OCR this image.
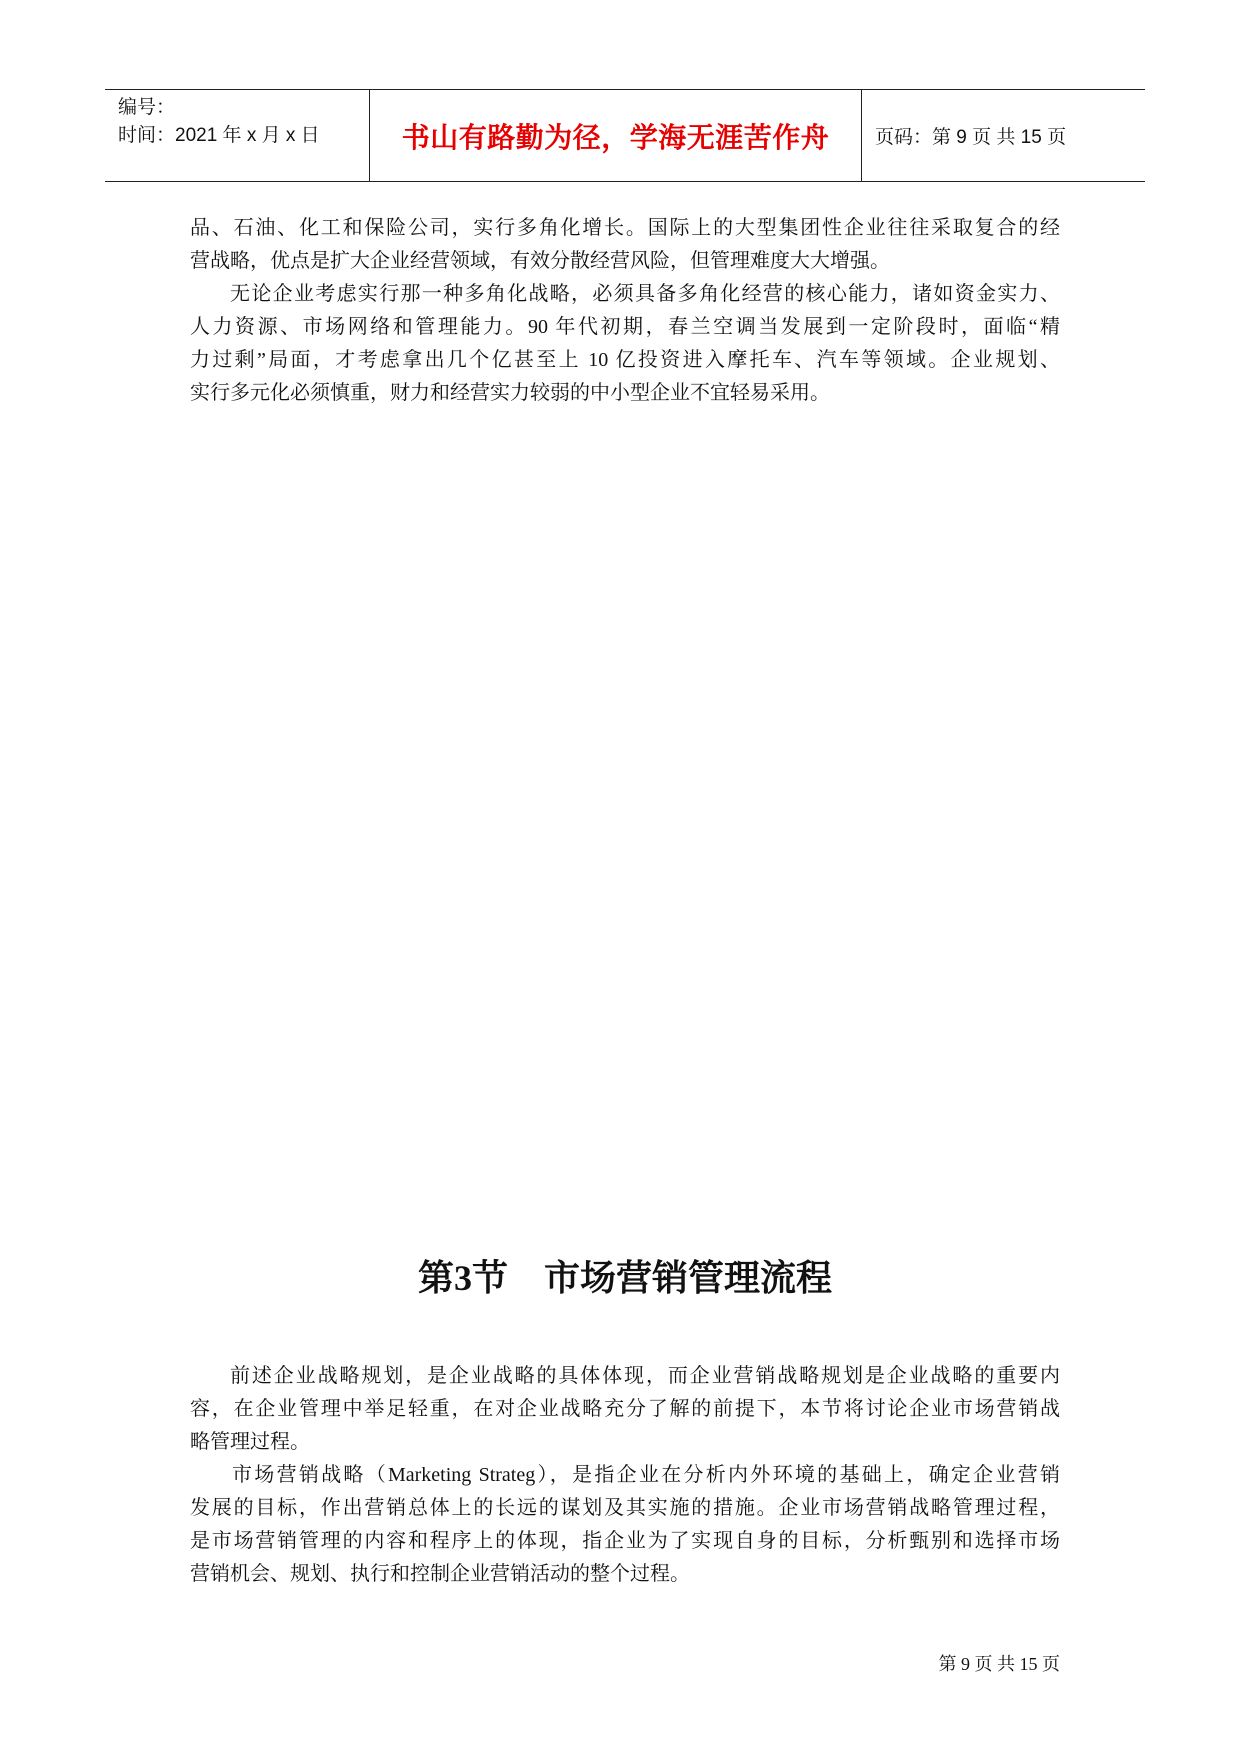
编号：
时间：2021 年 x 月 x 日	书山有路勤为径，学海无涯苦作舟 页码：第 9 页 共 15 页
品、石油、化工和保险公司，实行多角化增长。国际上的大型集团性企业往往采取复合的经
营战略，优点是扩大企业经营领域，有效分散经营风险，但管理难度大大增强。
无论企业考虑实行那一种多角化战略，必须具备多角化经营的核心能力，诸如资金实力、
人力资源、市场网络和管理能力。90 年代初期，春兰空调当发展到一定阶段时，面临“精
力过剩”局面，才考虑拿出几个亿甚至上 10 亿投资进入摩托车、汽车等领域。企业规划、
实行多元化必须慎重，财力和经营实力较弱的中小型企业不宜轻易采用。
第3节 市场营销管理流程
前述企业战略规划，是企业战略的具体体现，而企业营销战略规划是企业战略的重要内
容，在企业管理中举足轻重，在对企业战略充分了解的前提下，本节将讨论企业市场营销战
略管理过程。
市场营销战略（Marketing Strateg），是指企业在分析内外环境的基础上，确定企业营销
发展的目标，作出营销总体上的长远的谋划及其实施的措施。企业市场营销战略管理过程，
是市场营销管理的内容和程序上的体现，指企业为了实现自身的目标，分析甄别和选择市场
营销机会、规划、执行和控制企业营销活动的整个过程。
第 9 页 共 15 页
